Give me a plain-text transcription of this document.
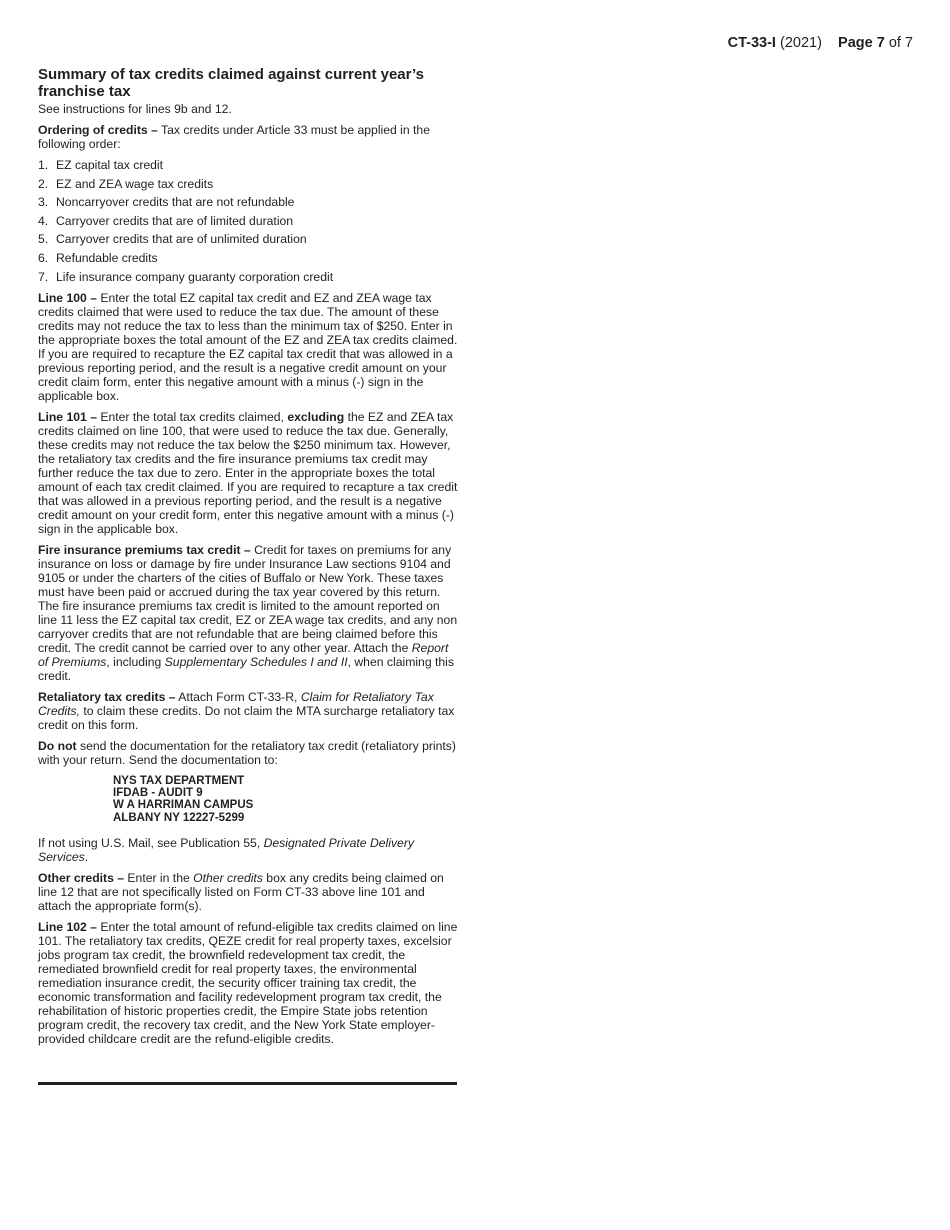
CT-33-I (2021) Page 7 of 7
Summary of tax credits claimed against current year’s franchise tax

See instructions for lines 9b and 12.

Ordering of credits – Tax credits under Article 33 must be applied in the following order:

1. EZ capital tax credit
2. EZ and ZEA wage tax credits
3. Noncarryover credits that are not refundable
4. Carryover credits that are of limited duration
5. Carryover credits that are of unlimited duration
6. Refundable credits
7. Life insurance company guaranty corporation credit

Line 100 – Enter the total EZ capital tax credit and EZ and ZEA wage tax credits claimed that were used to reduce the tax due. The amount of these credits may not reduce the tax to less than the minimum tax of $250. Enter in the appropriate boxes the total amount of the EZ and ZEA tax credits claimed. If you are required to recapture the EZ capital tax credit that was allowed in a previous reporting period, and the result is a negative credit amount on your credit claim form, enter this negative amount with a minus (-) sign in the applicable box.

Line 101 – Enter the total tax credits claimed, excluding the EZ and ZEA tax credits claimed on line 100, that were used to reduce the tax due. Generally, these credits may not reduce the tax below the $250 minimum tax. However, the retaliatory tax credits and the fire insurance premiums tax credit may further reduce the tax due to zero. Enter in the appropriate boxes the total amount of each tax credit claimed. If you are required to recapture a tax credit that was allowed in a previous reporting period, and the result is a negative credit amount on your credit form, enter this negative amount with a minus (-) sign in the applicable box.

Fire insurance premiums tax credit – Credit for taxes on premiums for any insurance on loss or damage by fire under Insurance Law sections 9104 and 9105 or under the charters of the cities of Buffalo or New York. These taxes must have been paid or accrued during the tax year covered by this return. The fire insurance premiums tax credit is limited to the amount reported on line 11 less the EZ capital tax credit, EZ or ZEA wage tax credits, and any non carryover credits that are not refundable that are being claimed before this credit. The credit cannot be carried over to any other year. Attach the Report of Premiums, including Supplementary Schedules I and II, when claiming this credit.

Retaliatory tax credits – Attach Form CT-33-R, Claim for Retaliatory Tax Credits, to claim these credits. Do not claim the MTA surcharge retaliatory tax credit on this form.

Do not send the documentation for the retaliatory tax credit (retaliatory prints) with your return. Send the documentation to:

NYS TAX DEPARTMENT
IFDAB - AUDIT 9
W A HARRIMAN CAMPUS
ALBANY NY 12227-5299

If not using U.S. Mail, see Publication 55, Designated Private Delivery Services.

Other credits – Enter in the Other credits box any credits being claimed on line 12 that are not specifically listed on Form CT-33 above line 101 and attach the appropriate form(s).

Line 102 – Enter the total amount of refund-eligible tax credits claimed on line 101. The retaliatory tax credits, QEZE credit for real property taxes, excelsior jobs program tax credit, the brownfield redevelopment tax credit, the remediated brownfield credit for real property taxes, the environmental remediation insurance credit, the security officer training tax credit, the economic transformation and facility redevelopment program tax credit, the rehabilitation of historic properties credit, the Empire State jobs retention program credit, the recovery tax credit, and the New York State employer-provided childcare credit are the refund-eligible credits.
